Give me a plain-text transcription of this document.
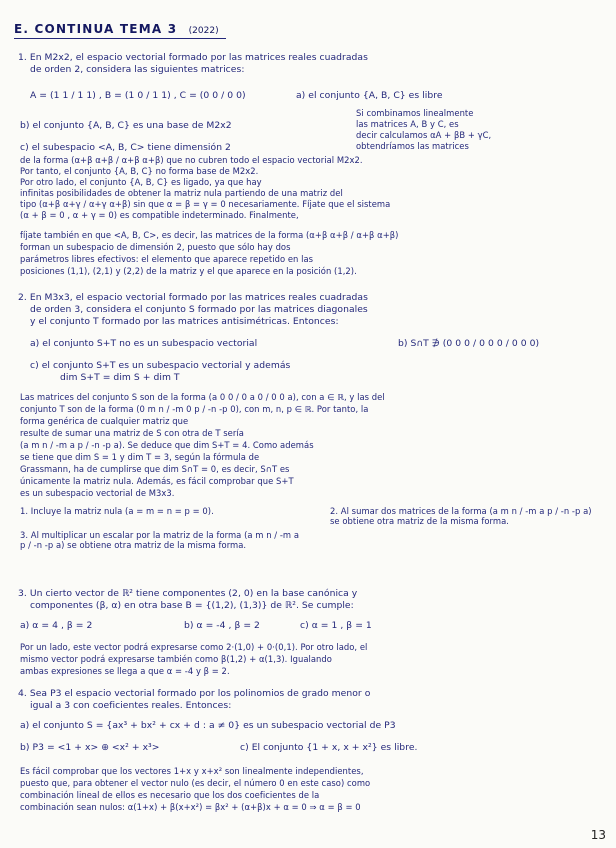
E. CONTINUA TEMA 3 (2022)
1. En M2x2, el espacio vectorial formado por las matrices reales cuadradas
de orden 2, considera las siguientes matrices:
A = (1 1 / 1 1) , B = (1 0 / 1 1) , C = (0 0 / 0 0)	a) el conjunto {A, B, C} es libre
Si combinamos linealmente
las matrices A, B y C, es
decir calculamos αA + βB + γC,
obtendríamos las matrices
b) el conjunto {A, B, C} es una base de M2x2
c) el subespacio <A, B, C> tiene dimensión 2
de la forma (α+β α+β / α+β α+β) que no cubren todo el espacio vectorial M2x2.
Por tanto, el conjunto {A, B, C} no forma base de M2x2.
Por otro lado, el conjunto {A, B, C} es ligado, ya que hay
infinitas posibilidades de obtener la matriz nula partiendo de una matriz del
tipo (α+β α+γ / α+γ α+β) sin que α = β = γ = 0 necesariamente. Fíjate que el sistema
(α + β = 0 , α + γ = 0) es compatible indeterminado. Finalmente,
fíjate también en que <A, B, C>, es decir, las matrices de la forma (α+β α+β / α+β α+β)
forman un subespacio de dimensión 2, puesto que sólo hay dos
parámetros libres efectivos: el elemento que aparece repetido en las
posiciones (1,1), (2,1) y (2,2) de la matriz y el que aparece en la posición (1,2).
2. En M3x3, el espacio vectorial formado por las matrices reales cuadradas
de orden 3, considera el conjunto S formado por las matrices diagonales
y el conjunto T formado por las matrices antisimétricas. Entonces:
a) el conjunto S+T no es un subespacio vectorial	b) S∩T ∌ (0 0 0 / 0 0 0 / 0 0 0)
c) el conjunto S+T es un subespacio vectorial y además
dim S+T = dim S + dim T
Las matrices del conjunto S son de la forma (a 0 0 / 0 a 0 / 0 0 a), con a ∈ ℝ, y las del
conjunto T son de la forma (0 m n / -m 0 p / -n -p 0), con m, n, p ∈ ℝ. Por tanto, la
forma genérica de cualquier matriz que
resulte de sumar una matriz de S con otra de T sería
(a m n / -m a p / -n -p a). Se deduce que dim S+T = 4. Como además
se tiene que dim S = 1 y dim T = 3, según la fórmula de
Grassmann, ha de cumplirse que dim S∩T = 0, es decir, S∩T es
únicamente la matriz nula. Además, es fácil comprobar que S+T
es un subespacio vectorial de M3x3.
1. Incluye la matriz nula (a = m = n = p = 0).
3. Al multiplicar un escalar por la matriz de la forma (a m n / -m a p / -n -p a) se obtiene otra matriz de la misma forma.
2. Al sumar dos matrices de la forma (a m n / -m a p / -n -p a) se obtiene otra matriz de la misma forma.
3. Un cierto vector de ℝ² tiene componentes (2, 0) en la base canónica y
componentes (β, α) en otra base B = {(1,2), (1,3)} de ℝ². Se cumple:
a) α = 4 , β = 2	b) α = -4 , β = 2	c) α = 1 , β = 1
Por un lado, este vector podrá expresarse como 2·(1,0) + 0·(0,1). Por otro lado, el
mismo vector podrá expresarse también como β(1,2) + α(1,3). Igualando
ambas expresiones se llega a que α = -4 y β = 2.
4. Sea P3 el espacio vectorial formado por los polinomios de grado menor o
igual a 3 con coeficientes reales. Entonces:
a) el conjunto S = {ax³ + bx² + cx + d : a ≠ 0} es un subespacio vectorial de P3
b) P3 = <1 + x> ⊕ <x² + x³>	c) El conjunto {1 + x, x + x²} es libre.
Es fácil comprobar que los vectores 1+x y x+x² son linealmente independientes,
puesto que, para obtener el vector nulo (es decir, el número 0 en este caso) como
combinación lineal de ellos es necesario que los dos coeficientes de la
combinación sean nulos: α(1+x) + β(x+x²) = βx² + (α+β)x + α = 0 ⇒ α = β = 0
13
